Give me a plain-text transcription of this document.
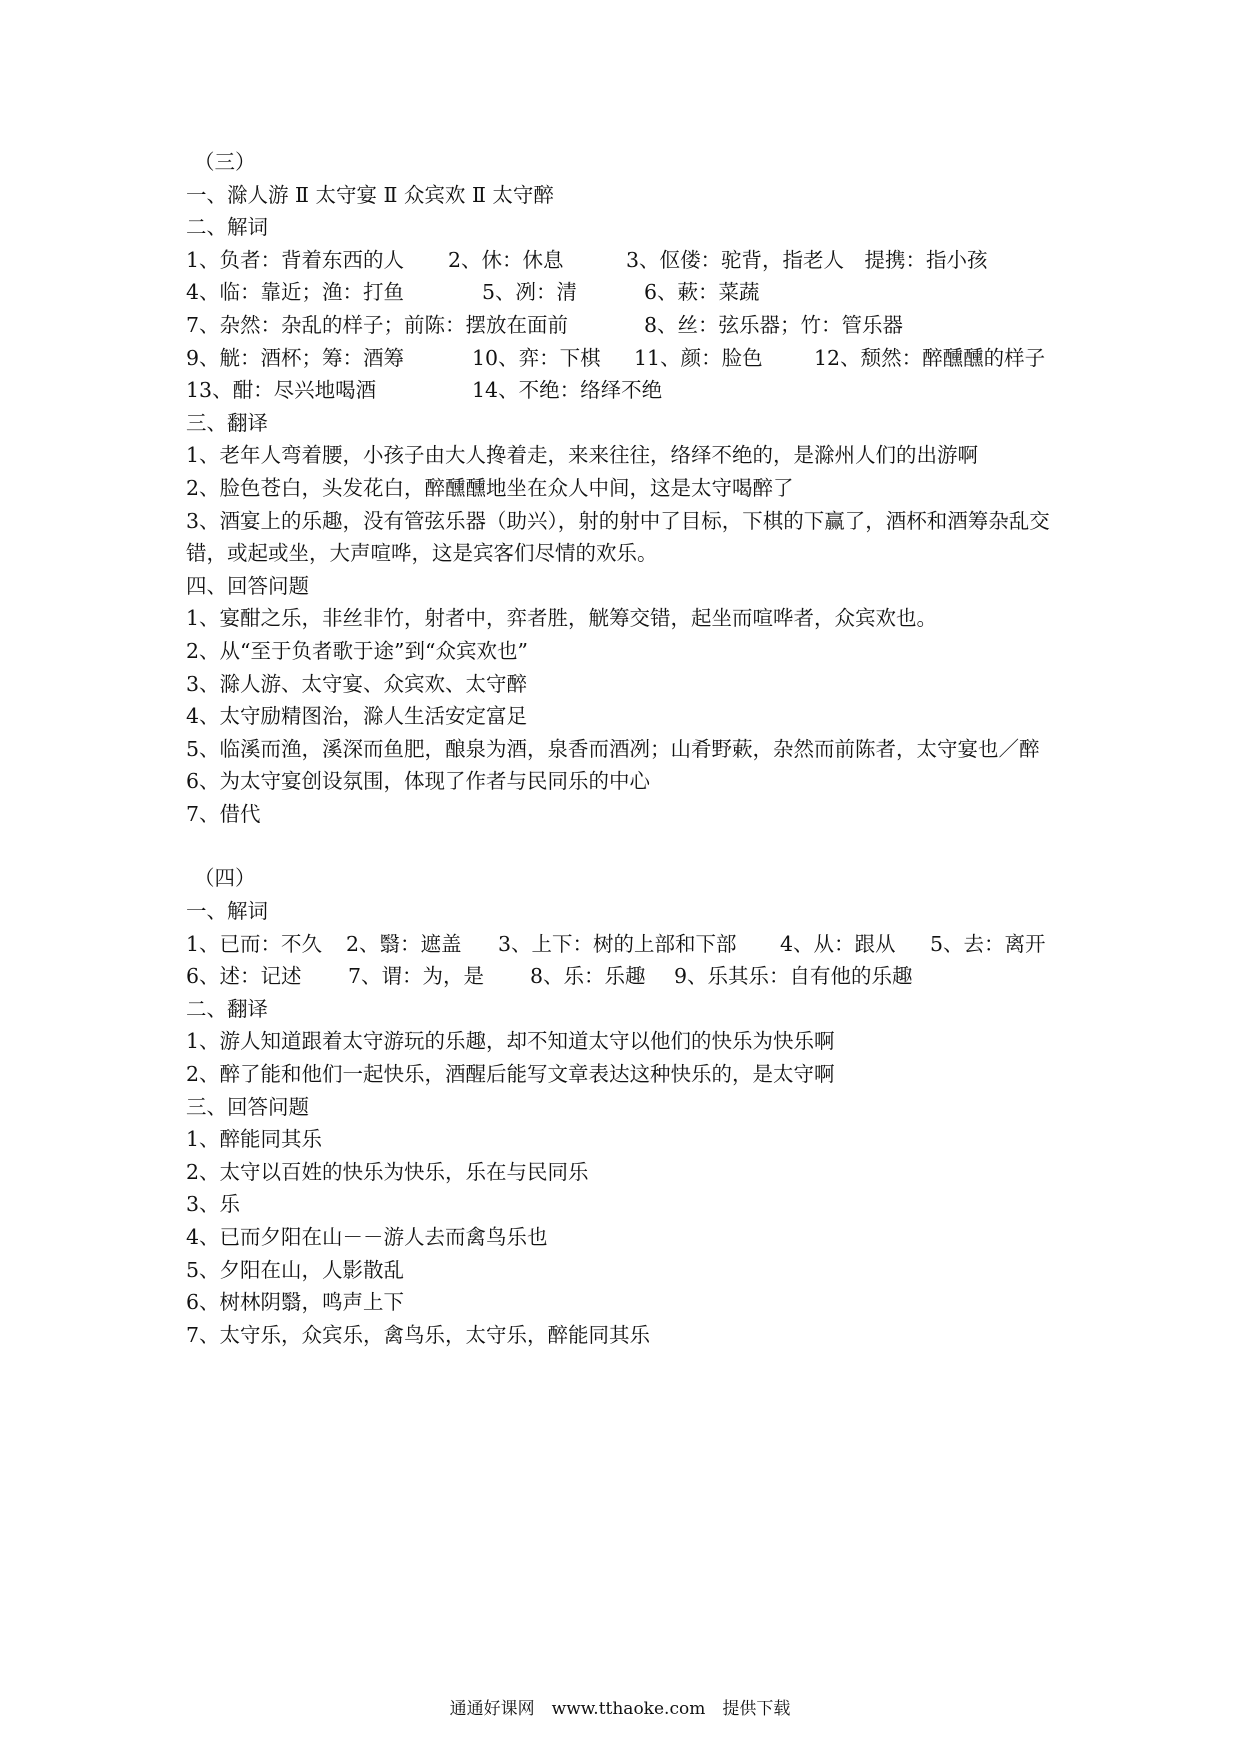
（三）
一、滁人游 Ⅱ 太守宴 Ⅱ 众宾欢 Ⅱ 太守醉
二、解词
1、负者：背着东西的人	2、休：休息	3、伛偻：驼背，指老人　提携：指小孩
4、临：靠近；渔：打鱼	5、冽：清	6、蔌：菜蔬
7、杂然：杂乱的样子；前陈：摆放在面前	8、丝：弦乐器；竹：管乐器
9、觥：酒杯；筹：酒筹	10、弈：下棋	11、颜：脸色	12、颓然：醉醺醺的样子
13、酣：尽兴地喝酒	14、不绝：络绎不绝
三、翻译
1、老年人弯着腰，小孩子由大人搀着走，来来往往，络绎不绝的，是滁州人们的出游啊
2、脸色苍白，头发花白，醉醺醺地坐在众人中间，这是太守喝醉了
3、酒宴上的乐趣，没有管弦乐器（助兴），射的射中了目标，下棋的下赢了，酒杯和酒筹杂乱交错，或起或坐，大声喧哗，这是宾客们尽情的欢乐。
四、回答问题
1、宴酣之乐，非丝非竹，射者中，弈者胜，觥筹交错，起坐而喧哗者，众宾欢也。
2、从“至于负者歌于途”到“众宾欢也”
3、滁人游、太守宴、众宾欢、太守醉
4、太守励精图治，滁人生活安定富足
5、临溪而渔，溪深而鱼肥，酿泉为酒，泉香而酒冽；山肴野蔌，杂然而前陈者，太守宴也／醉
6、为太守宴创设氛围，体现了作者与民同乐的中心
7、借代
（四）
一、解词
1、已而：不久	2、翳：遮盖	3、上下：树的上部和下部	4、从：跟从	5、去：离开
6、述：记述	7、谓：为，是	8、乐：乐趣	9、乐其乐：自有他的乐趣
二、翻译
1、游人知道跟着太守游玩的乐趣，却不知道太守以他们的快乐为快乐啊
2、醉了能和他们一起快乐，酒醒后能写文章表达这种快乐的，是太守啊
三、回答问题
1、醉能同其乐
2、太守以百姓的快乐为快乐，乐在与民同乐
3、乐
4、已而夕阳在山－－游人去而禽鸟乐也
5、夕阳在山，人影散乱
6、树林阴翳，鸣声上下
7、太守乐，众宾乐，禽鸟乐，太守乐，醉能同其乐
通通好课网　www.tthaoke.com　提供下载
